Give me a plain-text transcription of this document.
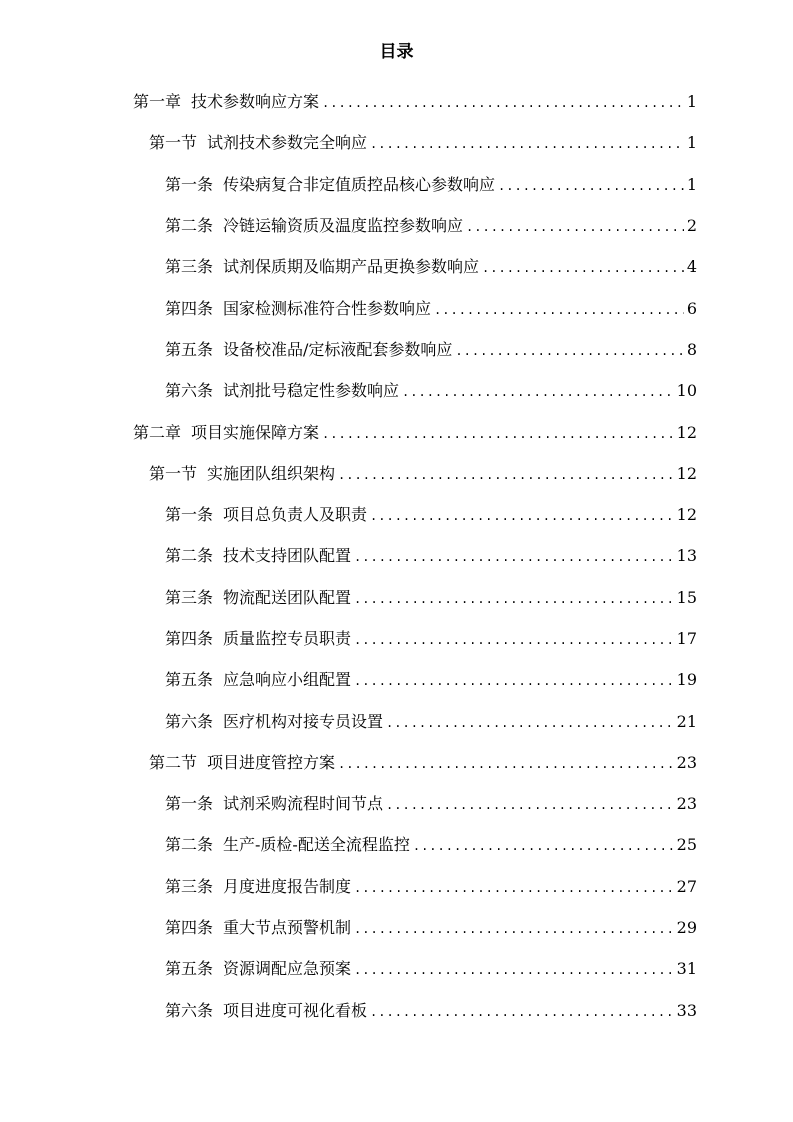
目录
第一章 技术参数响应方案 .....	1
第一节 试剂技术参数完全响应 .....	1
第一条 传染病复合非定值质控品核心参数响应 .....	1
第二条 冷链运输资质及温度监控参数响应 .....	2
第三条 试剂保质期及临期产品更换参数响应 .....	4
第四条 国家检测标准符合性参数响应 .....	6
第五条 设备校准品/定标液配套参数响应 .....	8
第六条 试剂批号稳定性参数响应 .....	10
第二章 项目实施保障方案 .....	12
第一节 实施团队组织架构 .....	12
第一条 项目总负责人及职责 .....	12
第二条 技术支持团队配置 .....	13
第三条 物流配送团队配置 .....	15
第四条 质量监控专员职责 .....	17
第五条 应急响应小组配置 .....	19
第六条 医疗机构对接专员设置 .....	21
第二节 项目进度管控方案 .....	23
第一条 试剂采购流程时间节点 .....	23
第二条 生产-质检-配送全流程监控 .....	25
第三条 月度进度报告制度 .....	27
第四条 重大节点预警机制 .....	29
第五条 资源调配应急预案 .....	31
第六条 项目进度可视化看板 .....	33
